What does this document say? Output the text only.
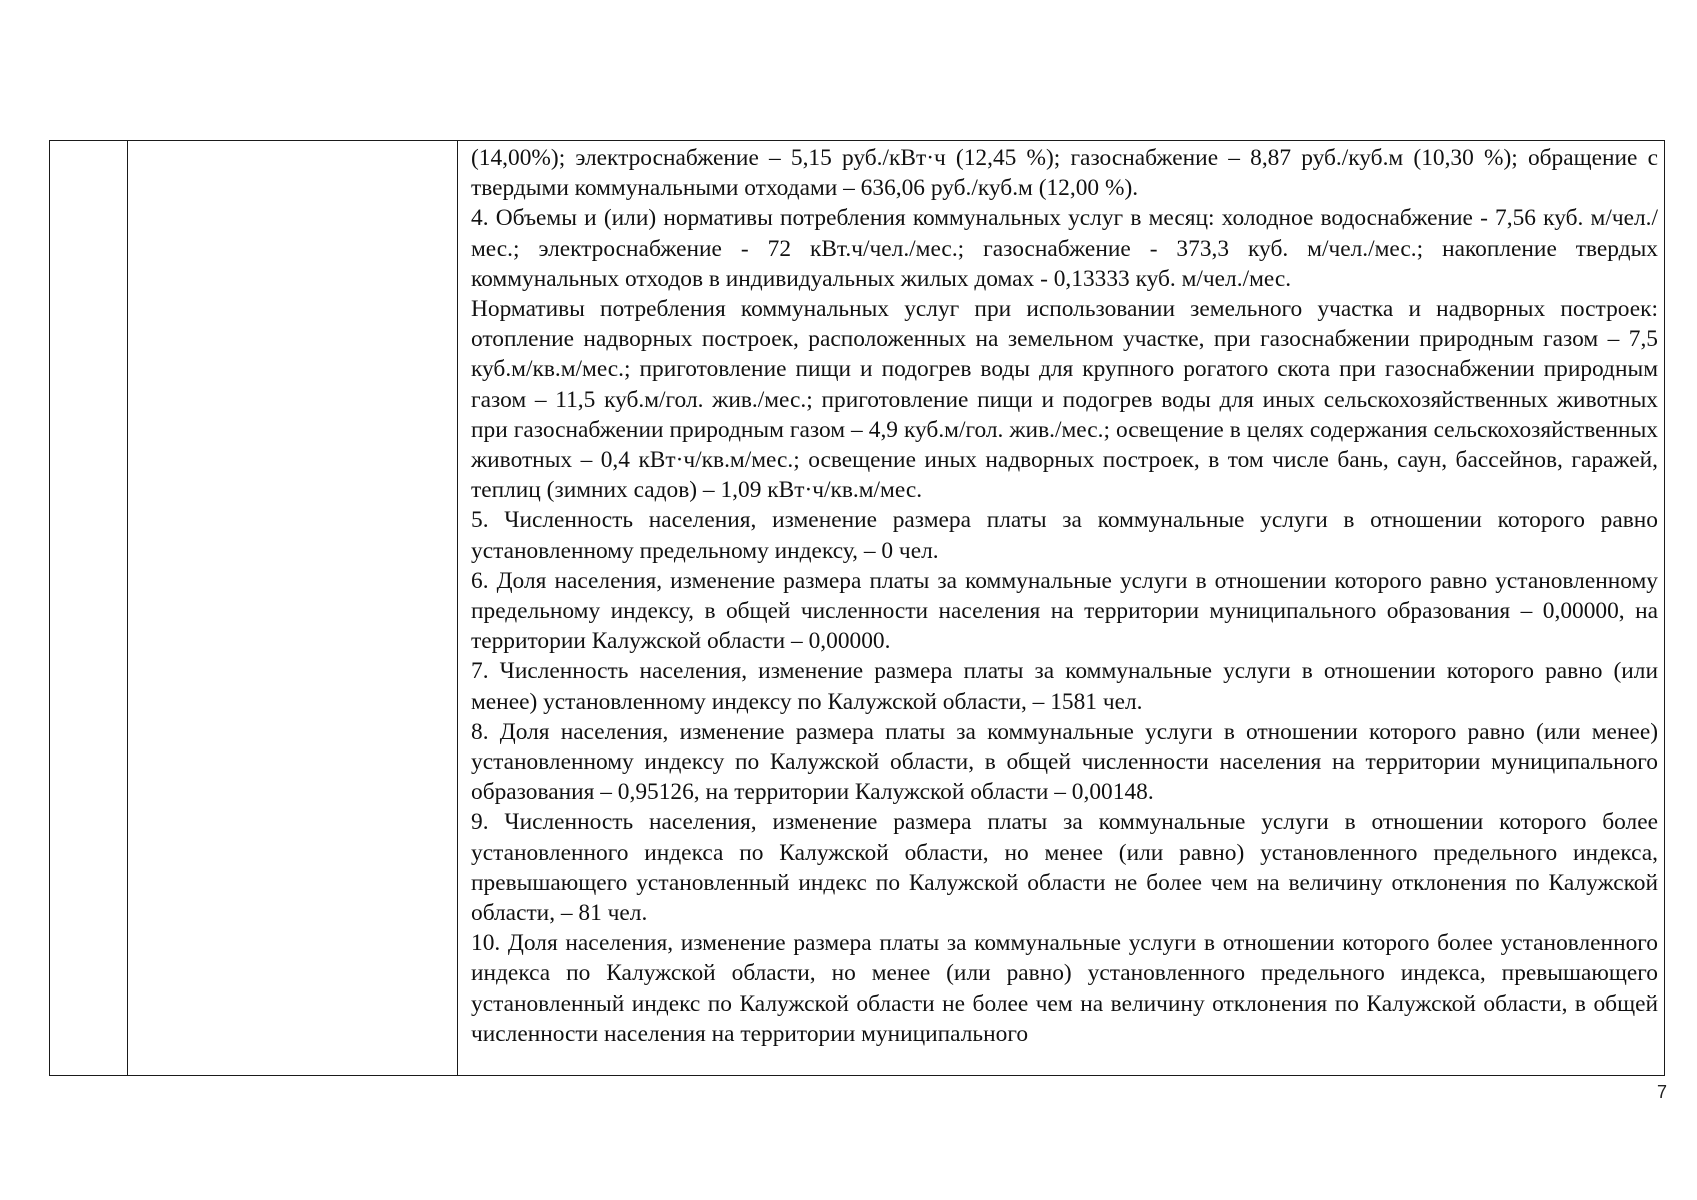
(14,00%); электроснабжение – 5,15 руб./кВт·ч (12,45 %); газоснабжение – 8,87 руб./куб.м (10,30 %); обращение с твердыми коммунальными отходами – 636,06 руб./куб.м (12,00 %).

4. Объемы и (или) нормативы потребления коммунальных услуг в месяц: холодное водоснабжение - 7,56 куб. м/чел./мес.; электроснабжение - 72 кВт.ч/чел./мес.; газоснабжение - 373,3 куб. м/чел./мес.; накопление твердых коммунальных отходов в индивидуальных жилых домах - 0,13333 куб. м/чел./мес.

Нормативы потребления коммунальных услуг при использовании земельного участка и надворных построек: отопление надворных построек, расположенных на земельном участке, при газоснабжении природным газом – 7,5 куб.м/кв.м/мес.; приготовление пищи и подогрев воды для крупного рогатого скота при газоснабжении природным газом – 11,5 куб.м/гол. жив./мес.; приготовление пищи и подогрев воды для иных сельскохозяйственных животных при газоснабжении природным газом – 4,9 куб.м/гол. жив./мес.; освещение в целях содержания сельскохозяйственных животных – 0,4 кВт·ч/кв.м/мес.; освещение иных надворных построек, в том числе бань, саун, бассейнов, гаражей, теплиц (зимних садов) – 1,09 кВт·ч/кв.м/мес.

5. Численность населения, изменение размера платы за коммунальные услуги в отношении которого равно установленному предельному индексу, – 0 чел.

6. Доля населения, изменение размера платы за коммунальные услуги в отношении которого равно установленному предельному индексу, в общей численности населения на территории муниципального образования – 0,00000, на территории Калужской области – 0,00000.

7. Численность населения, изменение размера платы за коммунальные услуги в отношении которого равно (или менее) установленному индексу по Калужской области, – 1581 чел.

8. Доля населения, изменение размера платы за коммунальные услуги в отношении которого равно (или менее) установленному индексу по Калужской области, в общей численности населения на территории муниципального образования – 0,95126, на территории Калужской области – 0,00148.

9. Численность населения, изменение размера платы за коммунальные услуги в отношении которого более установленного индекса по Калужской области, но менее (или равно) установленного предельного индекса, превышающего установленный индекс по Калужской области не более чем на величину отклонения по Калужской области, – 81 чел.

10. Доля населения, изменение размера платы за коммунальные услуги в отношении которого более установленного индекса по Калужской области, но менее (или равно) установленного предельного индекса, превышающего установленный индекс по Калужской области не более чем на величину отклонения по Калужской области, в общей численности населения на территории муниципального

7
